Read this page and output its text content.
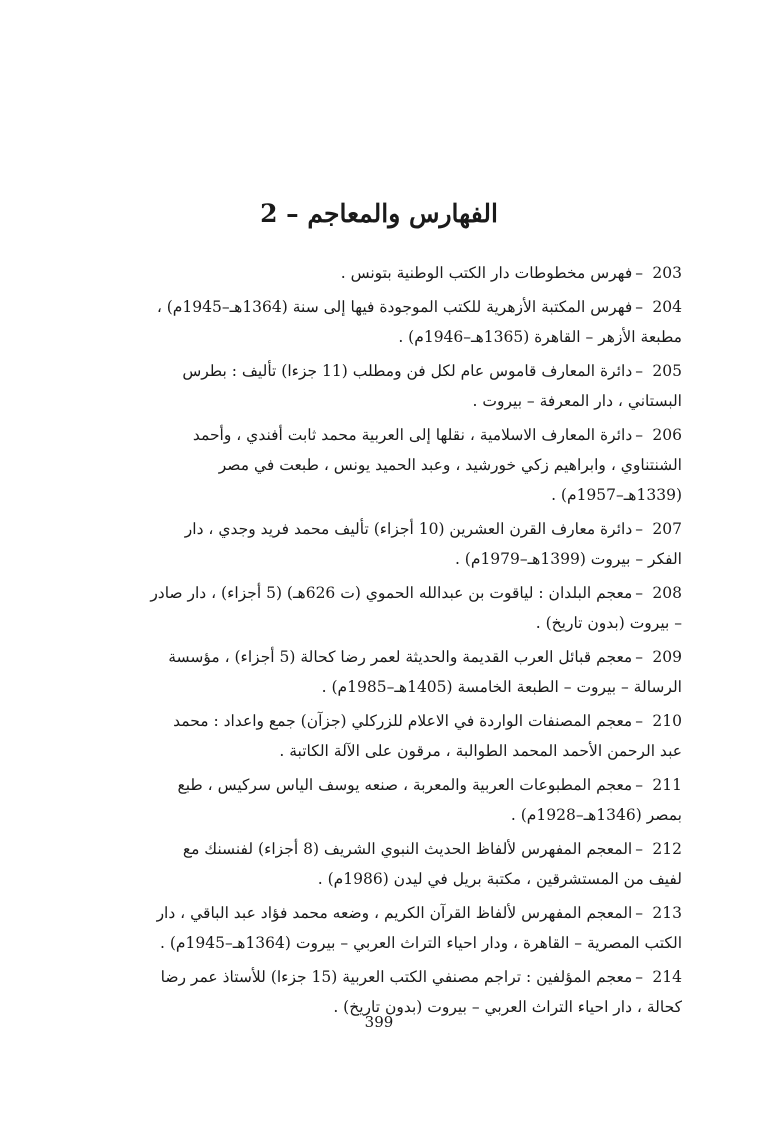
الفهارس والمعاجم – 2
203–فهرس مخطوطات دار الكتب الوطنية بتونس .
204–فهرس المكتبة الأزهرية للكتب الموجودة فيها إلى سنة (1364هـ–1945م) ، مطبعة الأزهر – القاهرة (1365هـ–1946م) .
205–دائرة المعارف قاموس عام لكل فن ومطلب (11 جزءا) تأليف : بطرس البستاني ، دار المعرفة – بيروت .
206–دائرة المعارف الاسلامية ، نقلها إلى العربية محمد ثابت أفندي ، وأحمد الشنتناوي ، وابراهيم زكي خورشيد ، وعبد الحميد يونس ، طبعت في مصر (1339هـ–1957م) .
207–دائرة معارف القرن العشرين (10 أجزاء) تأليف محمد فريد وجدي ، دار الفكر – بيروت (1399هـ–1979م) .
208–معجم البلدان : لياقوت بن عبدالله الحموي (ت 626هـ) (5 أجزاء) ، دار صادر – بيروت (بدون تاريخ) .
209–معجم قبائل العرب القديمة والحديثة لعمر رضا كحالة (5 أجزاء) ، مؤسسة الرسالة – بيروت – الطبعة الخامسة (1405هـ–1985م) .
210–معجم المصنفات الواردة في الاعلام للزركلي (جزآن) جمع واعداد : محمد عبد الرحمن الأحمد المحمد الطوالبة ، مرقون على الآلة الكاتبة .
211–معجم المطبوعات العربية والمعربة ، صنعه يوسف الياس سركيس ، طبع بمصر (1346هـ–1928م) .
212–المعجم المفهرس لألفاظ الحديث النبوي الشريف (8 أجزاء) لفنسنك مع لفيف من المستشرقين ، مكتبة بريل في ليدن (1986م) .
213–المعجم المفهرس لألفاظ القرآن الكريم ، وضعه محمد فؤاد عبد الباقي ، دار الكتب المصرية – القاهرة ، ودار احياء التراث العربي – بيروت (1364هـ–1945م) .
214–معجم المؤلفين : تراجم مصنفي الكتب العربية (15 جزءا) للأستاذ عمر رضا كحالة ، دار احياء التراث العربي – بيروت (بدون تاريخ) .
399
